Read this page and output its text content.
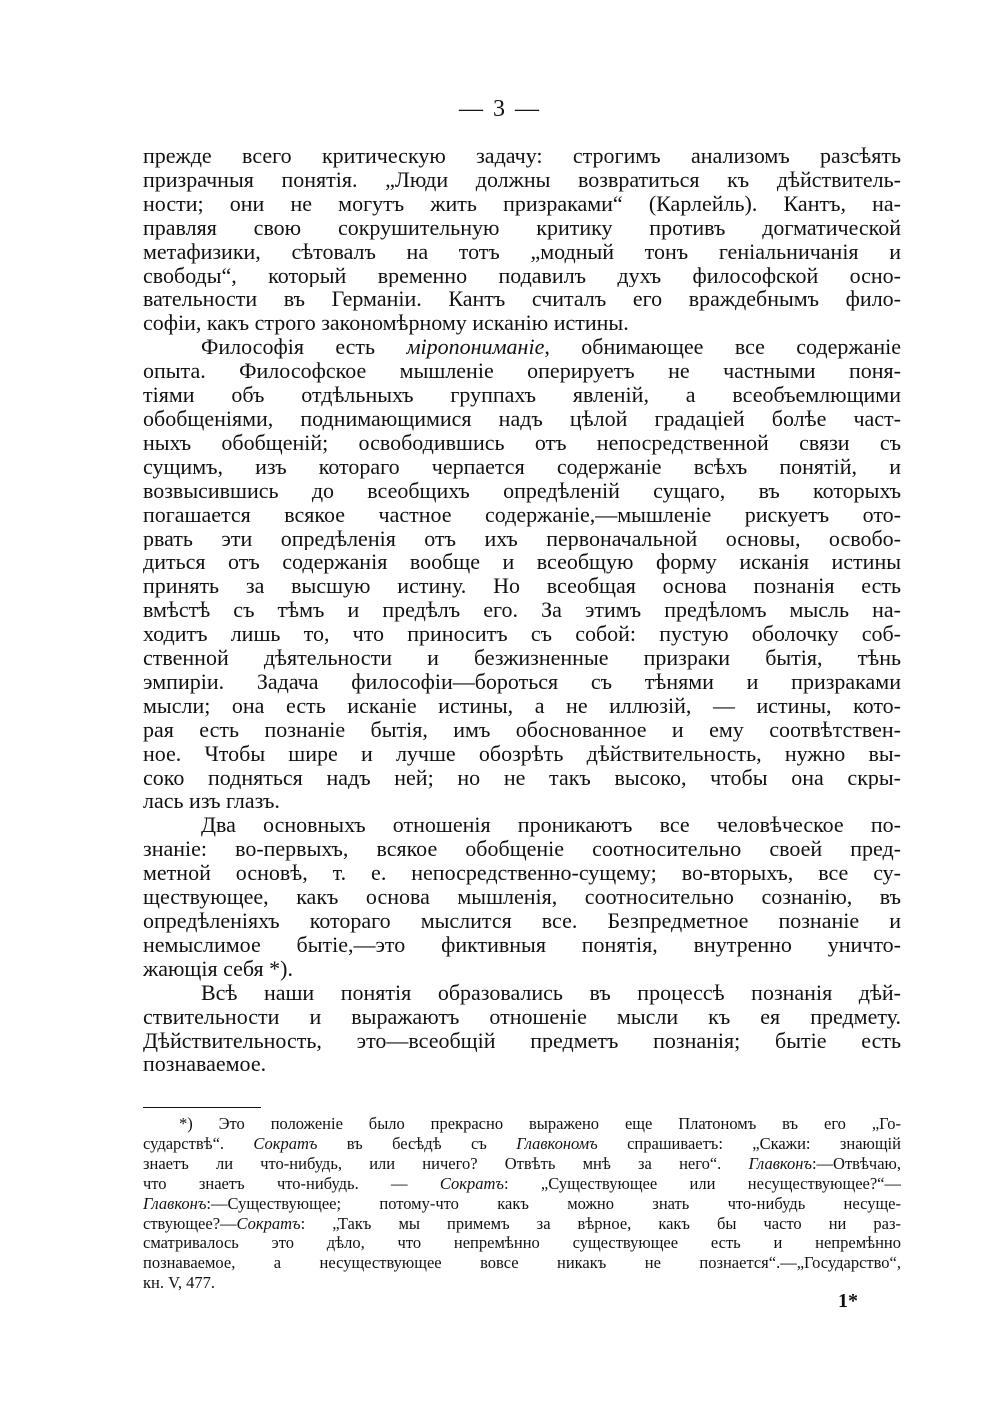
— 3 —
прежде всего критическую задачу: строгимъ анализомъ разсѣять
призрачныя понятія. „Люди должны возвратиться къ дѣйствитель-
ности; они не могутъ жить призраками“ (Карлейль). Кантъ, на-
правляя свою сокрушительную критику противъ догматической
метафизики, сѣтовалъ на тотъ „модный тонъ геніальничанія и
свободы“, который временно подавилъ духъ философской осно-
вательности въ Германіи. Кантъ считалъ его враждебнымъ фило-
софіи, какъ строго закономѣрному исканію истины.
Философія есть міропониманіе, обнимающее все содержаніе
опыта. Философское мышленіе оперируетъ не частными поня-
тіями объ отдѣльныхъ группахъ явленій, а всеобъемлющими
обобщеніями, поднимающимися надъ цѣлой градаціей болѣе част-
ныхъ обобщеній; освободившись отъ непосредственной связи съ
сущимъ, изъ котораго черпается содержаніе всѣхъ понятій, и
возвысившись до всеобщихъ опредѣленій сущаго, въ которыхъ
погашается всякое частное содержаніе,—мышленіе рискуетъ ото-
рвать эти опредѣленія отъ ихъ первоначальной основы, освобо-
диться отъ содержанія вообще и всеобщую форму исканія истины
принять за высшую истину. Но всеобщая основа познанія есть
вмѣстѣ съ тѣмъ и предѣлъ его. За этимъ предѣломъ мысль на-
ходитъ лишь то, что приноситъ съ собой: пустую оболочку соб-
ственной дѣятельности и безжизненные призраки бытія, тѣнь
эмпиріи. Задача философіи—бороться съ тѣнями и призраками
мысли; она есть исканіе истины, а не иллюзій, — истины, кото-
рая есть познаніе бытія, имъ обоснованное и ему соотвѣтствен-
ное. Чтобы шире и лучше обозрѣть дѣйствительность, нужно вы-
соко подняться надъ ней; но не такъ высоко, чтобы она скры-
лась изъ глазъ.
Два основныхъ отношенія проникаютъ все человѣческое по-
знаніе: во-первыхъ, всякое обобщеніе соотносительно своей пред-
метной основѣ, т. е. непосредственно-сущему; во-вторыхъ, все су-
ществующее, какъ основа мышленія, соотносительно сознанію, въ
опредѣленіяхъ котораго мыслится все. Безпредметное познаніе и
немыслимое бытіе,—это фиктивныя понятія, внутренно уничто-
жающія себя *).
Всѣ наши понятія образовались въ процессѣ познанія дѣй-
ствительности и выражаютъ отношеніе мысли къ ея предмету.
Дѣйствительность, это—всеобщій предметъ познанія; бытіе есть
познаваемое.
*) Это положеніе было прекрасно выражено еще Платономъ въ его „Го-
сударствѣ“. Сократъ въ бесѣдѣ съ Главкономъ спрашиваетъ: „Скажи: знающій
знаетъ ли что-нибудь, или ничего? Отвѣть мнѣ за него“. Главконъ:—Отвѣчаю,
что знаетъ что-нибудь. — Сократъ: „Существующее или несуществующее?“—
Главконъ:—Существующее; потому-что какъ можно знать что-нибудь несуще-
ствующее?—Сократъ: „Такъ мы примемъ за вѣрное, какъ бы часто ни раз-
сматривалось это дѣло, что непремѣнно существующее есть и непремѣнно
познаваемое, а несуществующее вовсе никакъ не познается“.—„Государство“,
кн. V, 477.
1*
